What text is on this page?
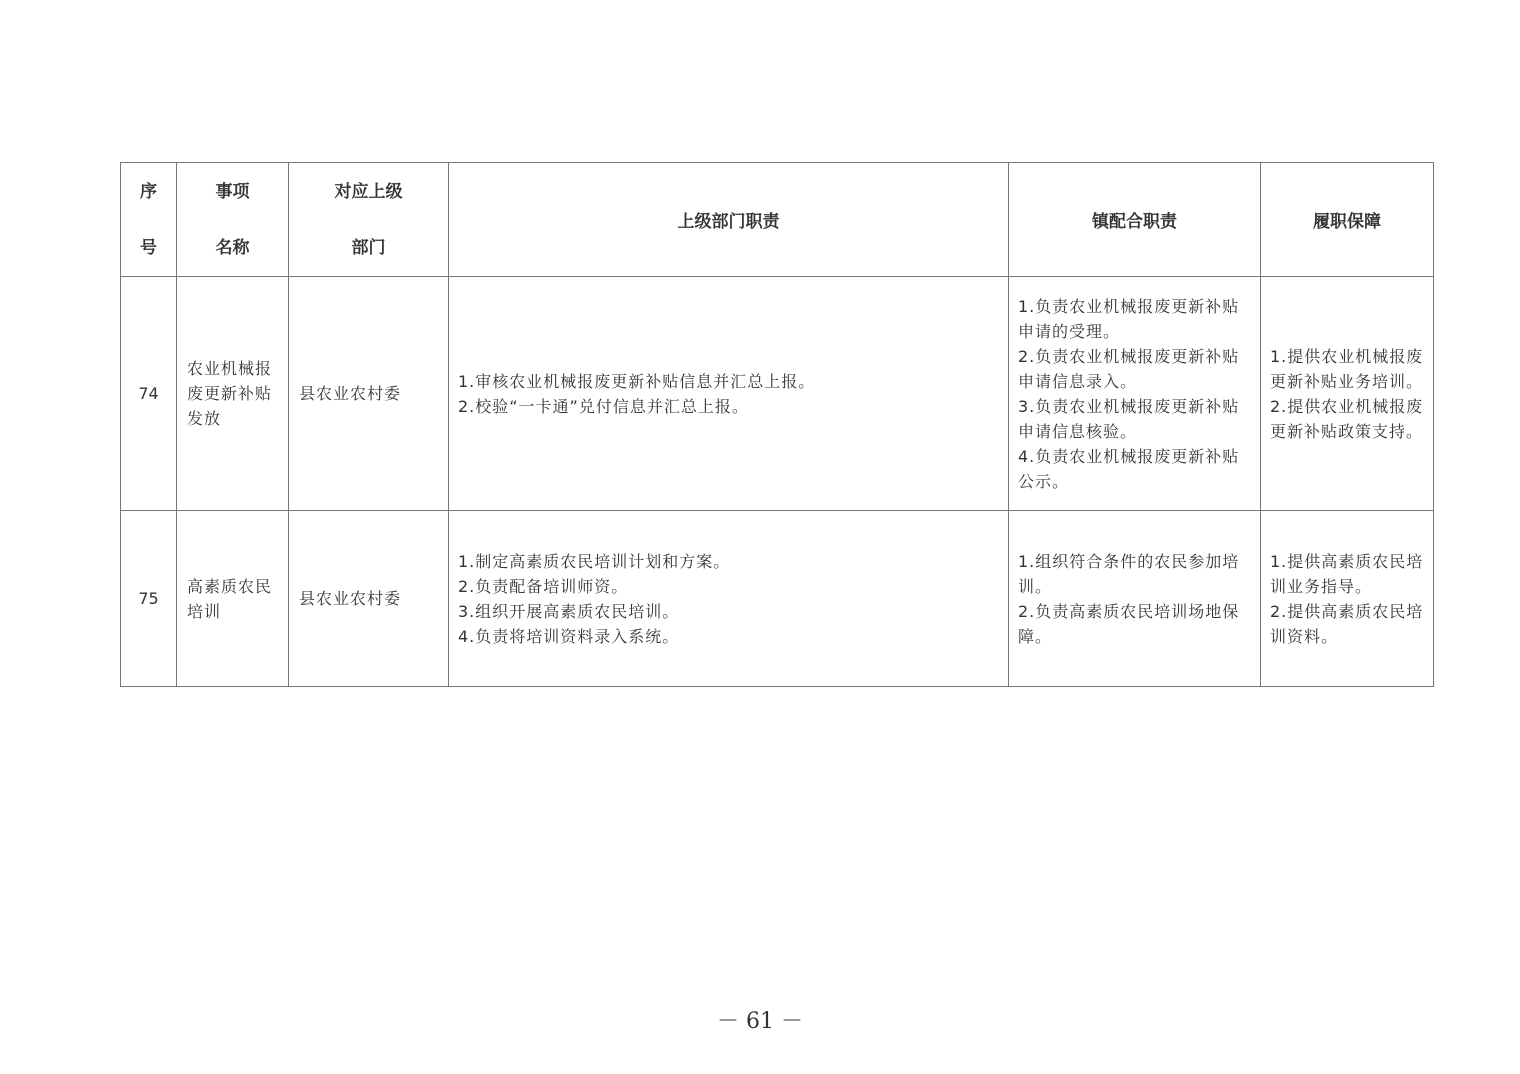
序
号	事项
名称	对应上级
部门	上级部门职责	镇配合职责	履职保障
74	农业机械报废更新补贴发放	县农业农村委	1.审核农业机械报废更新补贴信息并汇总上报。
2.校验“一卡通”兑付信息并汇总上报。	1.负责农业机械报废更新补贴申请的受理。
2.负责农业机械报废更新补贴申请信息录入。
3.负责农业机械报废更新补贴申请信息核验。
4.负责农业机械报废更新补贴公示。	1.提供农业机械报废更新补贴业务培训。
2.提供农业机械报废更新补贴政策支持。

75	高素质农民培训	县农业农村委	1.制定高素质农民培训计划和方案。
2.负责配备培训师资。
3.组织开展高素质农民培训。
4.负责将培训资料录入系统。	1.组织符合条件的农民参加培训。
2.负责高素质农民培训场地保障。	1.提供高素质农民培训业务指导。
2.提供高素质农民培训资料。
－ 61 －
